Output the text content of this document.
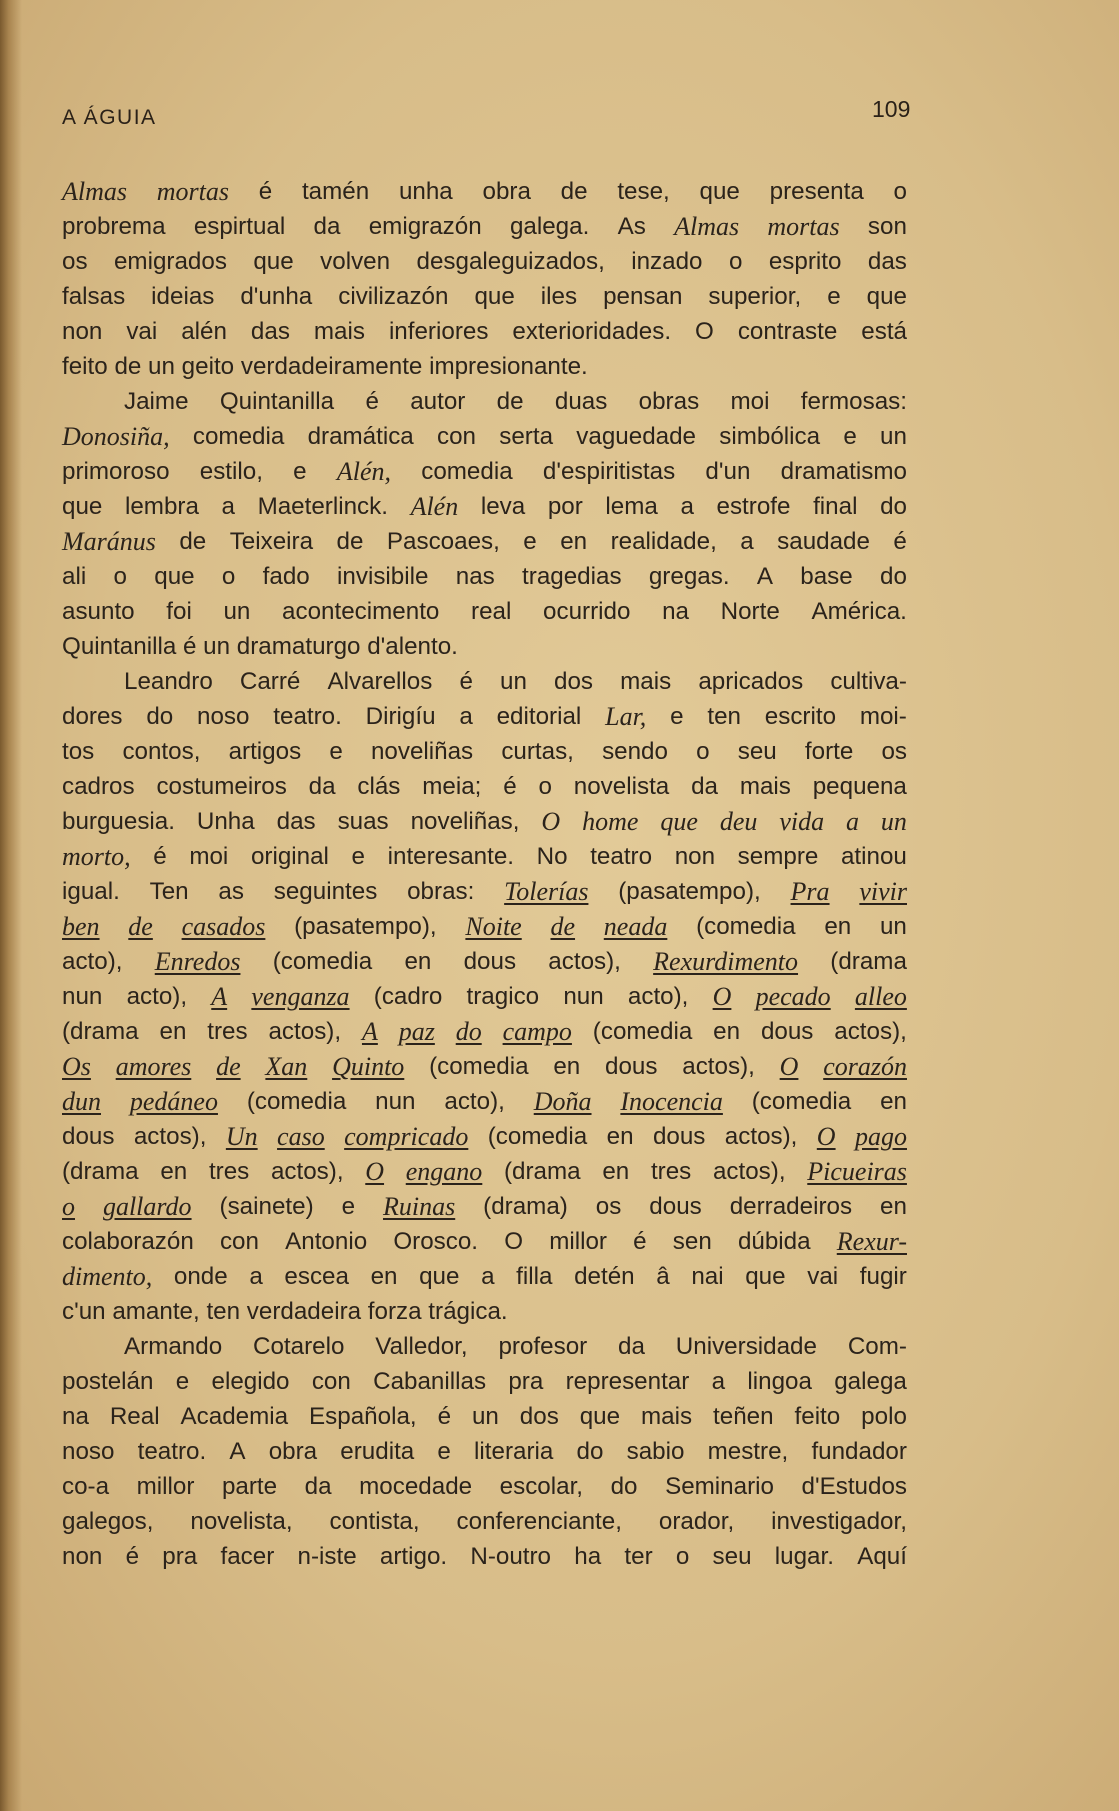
A ÁGUIA	109
Almas mortas é tamén unha obra de tese, que presenta o
probrema espirtual da emigrazón galega. As Almas mortas son
os emigrados que volven desgaleguizados, inzado o esprito das
falsas ideias d'unha civilizazón que iles pensan superior, e que
non vai alén das mais inferiores exterioridades. O contraste está
feito de un geito verdadeiramente impresionante.
Jaime Quintanilla é autor de duas obras moi fermosas:
Donosiña, comedia dramática con serta vaguedade simbólica e un
primoroso estilo, e Alén, comedia d'espiritistas d'un dramatismo
que lembra a Maeterlinck. Alén leva por lema a estrofe final do
Maránus de Teixeira de Pascoaes, e en realidade, a saudade é
ali o que o fado invisibile nas tragedias gregas. A base do
asunto foi un acontecimento real ocurrido na Norte América.
Quintanilla é un dramaturgo d'alento.
Leandro Carré Alvarellos é un dos mais apricados cultiva-
dores do noso teatro. Dirigíu a editorial Lar, e ten escrito moi-
tos contos, artigos e noveliñas curtas, sendo o seu forte os
cadros costumeiros da clás meia; é o novelista da mais pequena
burguesia. Unha das suas noveliñas, O home que deu vida a un
morto, é moi original e interesante. No teatro non sempre atinou
igual. Ten as seguintes obras: Tolerías (pasatempo), Pra vivir
ben de casados (pasatempo), Noite de neada (comedia en un
acto), Enredos (comedia en dous actos), Rexurdimento (drama
nun acto), A venganza (cadro tragico nun acto), O pecado alleo
(drama en tres actos), A paz do campo (comedia en dous actos),
Os amores de Xan Quinto (comedia en dous actos), O corazón
dun pedáneo (comedia nun acto), Doña Inocencia (comedia en
dous actos), Un caso compricado (comedia en dous actos), O pago
(drama en tres actos), O engano (drama en tres actos), Picueiras
o gallardo (sainete) e Ruinas (drama) os dous derradeiros en
colaborazón con Antonio Orosco. O millor é sen dúbida Rexur-
dimento, onde a escea en que a filla detén â nai que vai fugir
c'un amante, ten verdadeira forza trágica.
Armando Cotarelo Valledor, profesor da Universidade Com-
postelán e elegido con Cabanillas pra representar a lingoa galega
na Real Academia Española, é un dos que mais teñen feito polo
noso teatro. A obra erudita e literaria do sabio mestre, fundador
co-a millor parte da mocedade escolar, do Seminario d'Estudos
galegos, novelista, contista, conferenciante, orador, investigador,
non é pra facer n-iste artigo. N-outro ha ter o seu lugar. Aquí
